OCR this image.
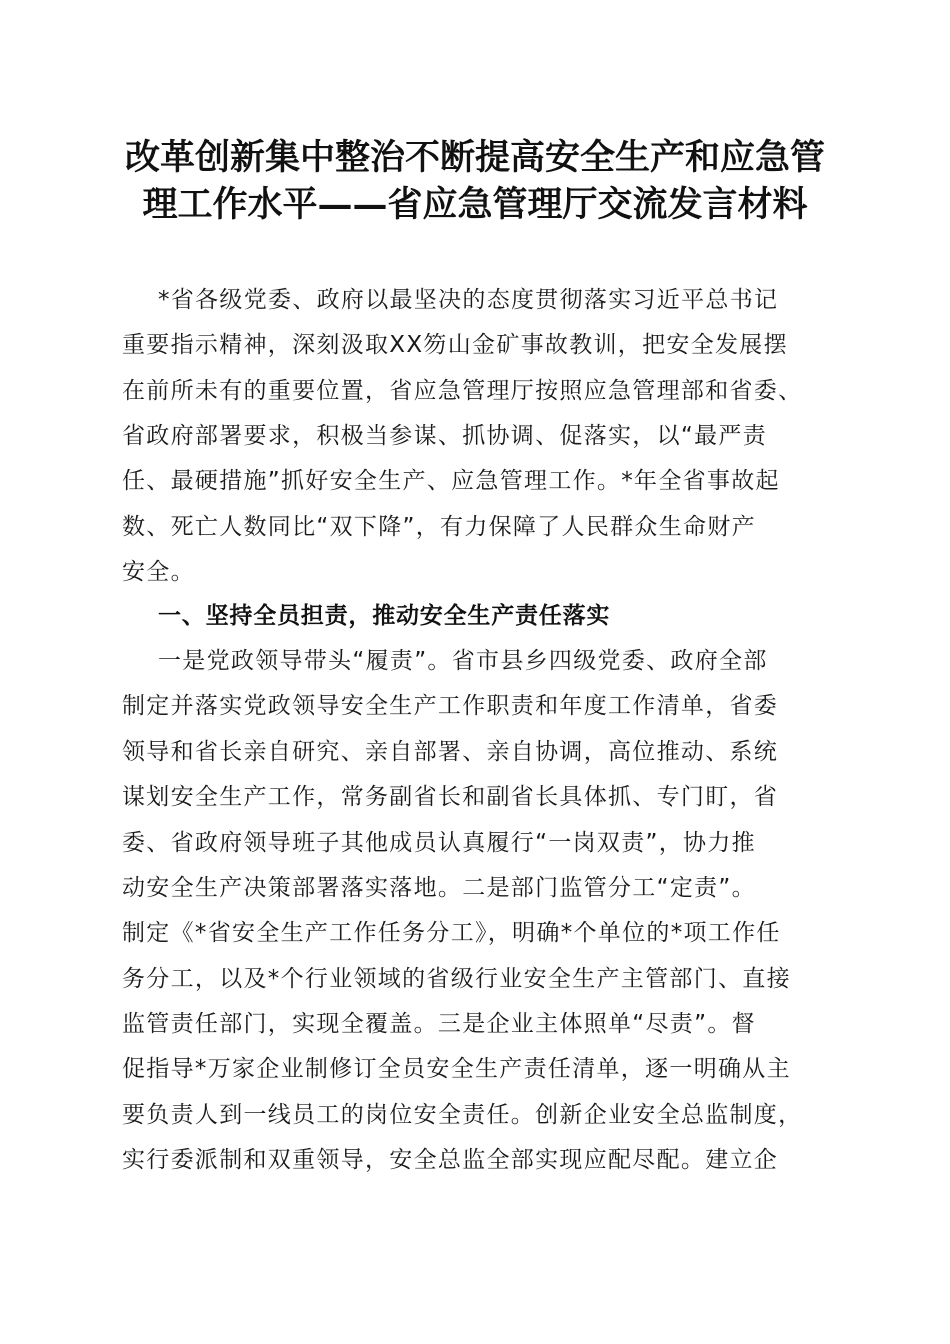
改革创新集中整治不断提高安全生产和应急管
理工作水平——省应急管理厅交流发言材料
*省各级党委、政府以最坚决的态度贯彻落实习近平总书记
重要指示精神，深刻汲取XX笏山金矿事故教训，把安全发展摆
在前所未有的重要位置，省应急管理厅按照应急管理部和省委、
省政府部署要求，积极当参谋、抓协调、促落实，以“最严责
任、最硬措施”抓好安全生产、应急管理工作。*年全省事故起
数、死亡人数同比“双下降”，有力保障了人民群众生命财产
安全。
一、坚持全员担责，推动安全生产责任落实
一是党政领导带头“履责”。省市县乡四级党委、政府全部
制定并落实党政领导安全生产工作职责和年度工作清单，省委
领导和省长亲自研究、亲自部署、亲自协调，高位推动、系统
谋划安全生产工作，常务副省长和副省长具体抓、专门盯，省
委、省政府领导班子其他成员认真履行“一岗双责”，协力推
动安全生产决策部署落实落地。二是部门监管分工“定责”。
制定《*省安全生产工作任务分工》，明确*个单位的*项工作任
务分工，以及*个行业领域的省级行业安全生产主管部门、直接
监管责任部门，实现全覆盖。三是企业主体照单“尽责”。督
促指导*万家企业制修订全员安全生产责任清单，逐一明确从主
要负责人到一线员工的岗位安全责任。创新企业安全总监制度，
实行委派制和双重领导，安全总监全部实现应配尽配。建立企
